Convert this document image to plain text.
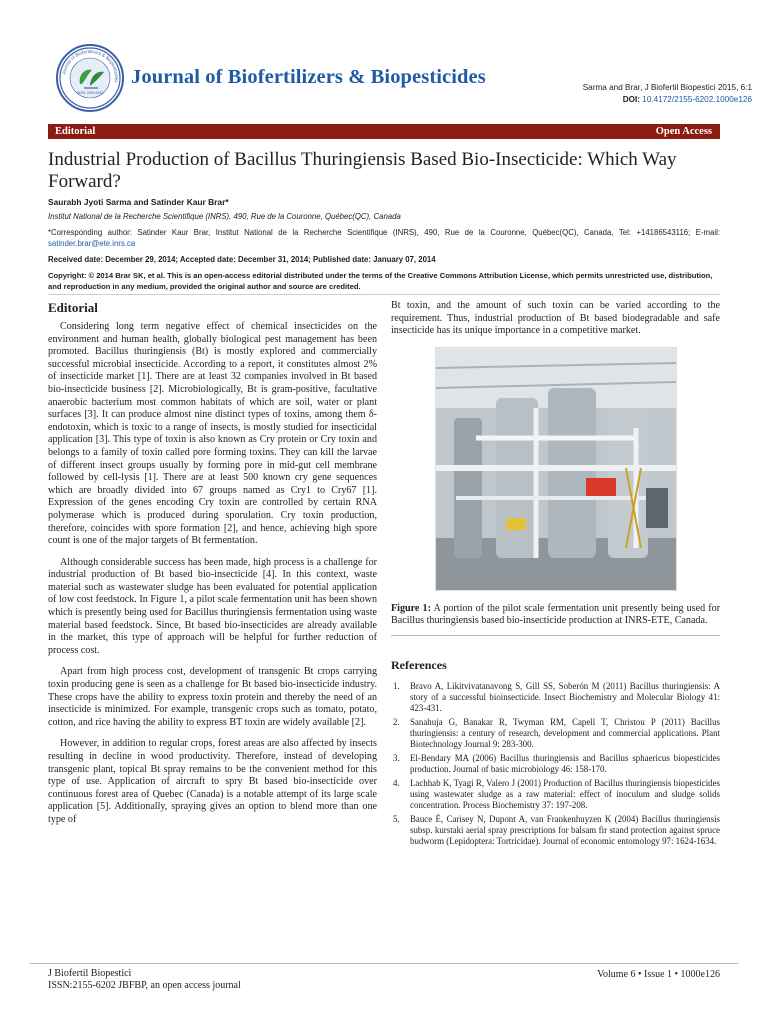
Journal of Biofertilizers & Biopesticides
ISSN: 2155-6202
Journal of Biofertilizers & Biopesticides	Sarma and Brar, J Biofertil Biopestici 2015, 6:1
DOI: 10.4172/2155-6202.1000e126
Editorial	Open Access
Industrial Production of Bacillus Thuringiensis Based Bio-Insecticide: Which Way Forward?
Saurabh Jyoti Sarma and Satinder Kaur Brar*
Institut National de la Recherche Scientifique (INRS), 490, Rue de la Couronne, Québec(QC), Canada
*Corresponding author: Satinder Kaur Brar, Institut National de la Recherche Scientifique (INRS), 490, Rue de la Couronne, Québec(QC), Canada, Tel: +14186543116; E-mail: satinder.brar@ete.inrs.ca
Received date: December 29, 2014; Accepted date: December 31, 2014; Published date: January 07, 2014
Copyright: © 2014 Brar SK, et al. This is an open-access editorial distributed under the terms of the Creative Commons Attribution License, which permits unrestricted use, distribution, and reproduction in any medium, provided the original author and source are credited.
Editorial

Considering long term negative effect of chemical insecticides on the environment and human health, globally biological pest management has been promoted. Bacillus thuringiensis (Bt) is mostly explored and commercially successful microbial insecticide. According to a report, it constitutes almost 2% of insecticide market [1]. There are at least 32 companies involved in Bt based bio-insecticide business [2]. Microbiologically, Bt is gram-positive, facultative anaerobic bacterium most common habitats of which are soil, water or plant surfaces [3]. It can produce almost nine distinct types of toxins, among them δ-endotoxin, which is toxic to a range of insects, is mostly studied for insecticidal application [3]. This type of toxin is also known as Cry protein or Cry toxin and belongs to a family of toxin called pore forming toxins. They can kill the larvae of different insect groups usually by forming pore in mid-gut cell membrane followed by cell-lysis [1]. There are at least 500 known cry gene sequences which are broadly divided into 67 groups named as Cry1 to Cry67 [1]. Expression of the genes encoding Cry toxin are controlled by certain RNA polymerase which is produced during sporulation. Cry toxin production, therefore, coincides with spore formation [2], and hence, achieving high spore count is one of the major targets of Bt fermentation.

Although considerable success has been made, high process is a challenge for industrial production of Bt based bio-insecticide [4]. In this context, waste material such as wastewater sludge has been evaluated for potential application of low cost feedstock. In Figure 1, a pilot scale fermentation unit has been shown which is presently being used for Bacillus thuringiensis fermentation using waste material based feedstock. Since, Bt based bio-insecticides are already available in the market, this type of approach will be helpful for further reduction of process cost.

Apart from high process cost, development of transgenic Bt crops carrying toxin producing gene is seen as a challenge for Bt based bio-insecticide industry. These crops have the ability to express toxin protein and thereby the need of an insecticide is minimized. For example, transgenic crops such as tomato, potato, cotton, and rice having the ability to express BT toxin are widely available [2].

However, in addition to regular crops, forest areas are also affected by insects resulting in decline in wood productivity. Therefore, instead of developing transgenic plant, topical Bt spray remains to be the convenient method for this type of use. Application of aircraft to spry Bt based bio-insecticide over continuous forest area of Quebec (Canada) is a notable attempt of its large scale application [5]. Additionally, spraying gives an option to blend more than one type of

Bt toxin, and the amount of such toxin can be varied according to the requirement. Thus, industrial production of Bt based biodegradable and safe insecticide has its unique importance in a competitive market.

Figure 1: A portion of the pilot scale fermentation unit presently being used for Bacillus thuringiensis based bio-insecticide production at INRS-ETE, Canada.
References
1.	Bravo A, Likitvivatanavong S, Gill SS, Soberón M (2011) Bacillus thuringiensis: A story of a successful bioinsecticide. Insect Biochemistry and Molecular Biology 41: 423-431.
2.	Sanahuja G, Banakar R, Twyman RM, Capell T, Christou P (2011) Bacillus thuringiensis: a century of research, development and commercial applications. Plant Biotechnology Journal 9: 283-300.
3.	El-Bendary MA (2006) Bacillus thuringiensis and Bacillus sphaericus biopesticides production. Journal of basic microbiology 46: 158-170.
4.	Lachhab K, Tyagi R, Valero J (2001) Production of Bacillus thuringiensis biopesticides using wastewater sludge as a raw material: effect of inoculum and sludge solids concentration. Process Biochemistry 37: 197-208.
5.	Bauce É, Carisey N, Dupont A, van Frankenhuyzen K (2004) Bacillus thuringiensis subsp. kurstaki aerial spray prescriptions for balsam fir stand protection against spruce budworm (Lepidoptera: Tortricidae). Journal of economic entomology 97: 1624-1634.
J Biofertil Biopestici
ISSN:2155-6202 JBFBP, an open access journal
Volume 6 • Issue 1 • 1000e126
